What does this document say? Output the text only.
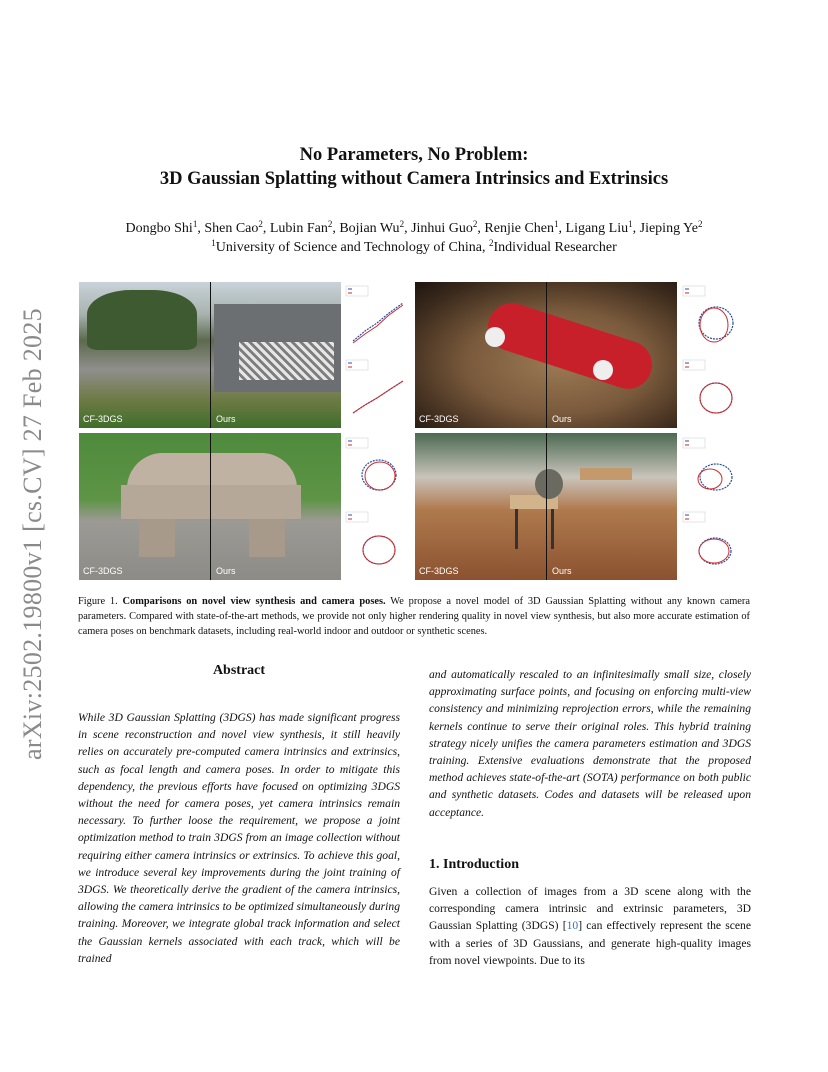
arXiv:2502.19800v1 [cs.CV] 27 Feb 2025
No Parameters, No Problem:
3D Gaussian Splatting without Camera Intrinsics and Extrinsics
Dongbo Shi$^1$, Shen Cao$^2$, Lubin Fan$^2$, Bojian Wu$^2$, Jinhui Guo$^2$, Renjie Chen$^1$, Ligang Liu$^1$, Jieping Ye$^2$
$^1$University of Science and Technology of China, $^2$Individual Researcher
CF-3DGS	Ours
CF-3DGS	Ours
CF-3DGS	Ours
CF-3DGS	Ours
Figure 1. Comparisons on novel view synthesis and camera poses. We propose a novel model of 3D Gaussian Splatting without any known camera parameters. Compared with state-of-the-art methods, we provide not only higher rendering quality in novel view synthesis, but also more accurate estimation of camera poses on benchmark datasets, including real-world indoor and outdoor or synthetic scenes.
Abstract
While 3D Gaussian Splatting (3DGS) has made significant progress in scene reconstruction and novel view synthesis, it still heavily relies on accurately pre-computed camera intrinsics and extrinsics, such as focal length and camera poses. In order to mitigate this dependency, the previous efforts have focused on optimizing 3DGS without the need for camera poses, yet camera intrinsics remain necessary. To further loose the requirement, we propose a joint optimization method to train 3DGS from an image collection without requiring either camera intrinsics or extrinsics. To achieve this goal, we introduce several key improvements during the joint training of 3DGS. We theoretically derive the gradient of the camera intrinsics, allowing the camera intrinsics to be optimized simultaneously during training. Moreover, we integrate global track information and select the Gaussian kernels associated with each track, which will be trained
and automatically rescaled to an infinitesimally small size, closely approximating surface points, and focusing on enforcing multi-view consistency and minimizing reprojection errors, while the remaining kernels continue to serve their original roles. This hybrid training strategy nicely unifies the camera parameters estimation and 3DGS training. Extensive evaluations demonstrate that the proposed method achieves state-of-the-art (SOTA) performance on both public and synthetic datasets. Codes and datasets will be released upon acceptance.
1. Introduction
Given a collection of images from a 3D scene along with the corresponding camera intrinsic and extrinsic parameters, 3D Gaussian Splatting (3DGS) [10] can effectively represent the scene with a series of 3D Gaussians, and generate high-quality images from novel viewpoints. Due to its
